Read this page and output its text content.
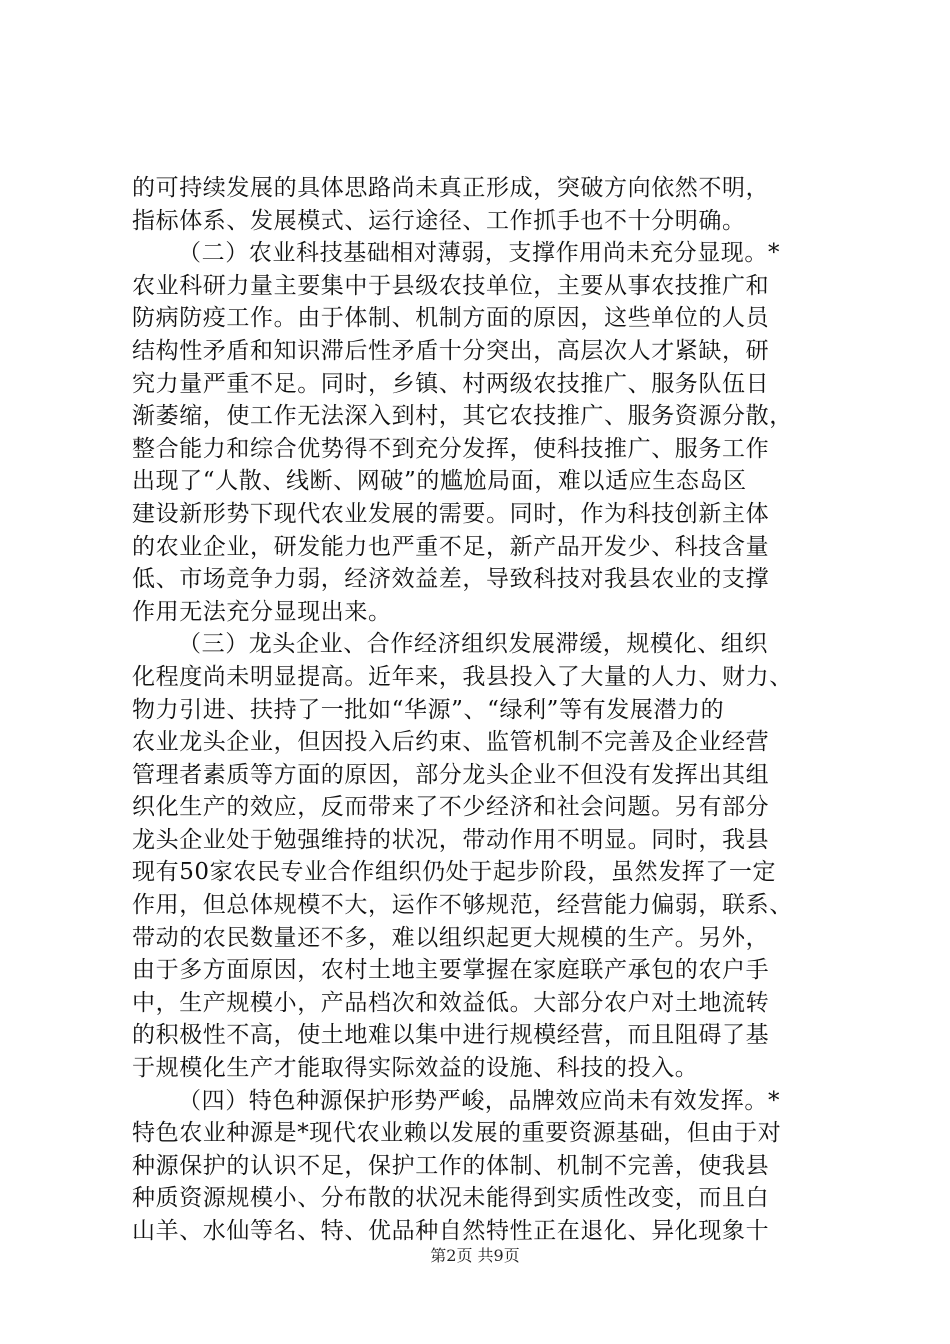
的可持续发展的具体思路尚未真正形成，突破方向依然不明，
指标体系、发展模式、运行途径、工作抓手也不十分明确。
（二）农业科技基础相对薄弱，支撑作用尚未充分显现。*
农业科研力量主要集中于县级农技单位，主要从事农技推广和
防病防疫工作。由于体制、机制方面的原因，这些单位的人员
结构性矛盾和知识滞后性矛盾十分突出，高层次人才紧缺，研
究力量严重不足。同时，乡镇、村两级农技推广、服务队伍日
渐萎缩，使工作无法深入到村，其它农技推广、服务资源分散，
整合能力和综合优势得不到充分发挥，使科技推广、服务工作
出现了“人散、线断、网破”的尴尬局面，难以适应生态岛区
建设新形势下现代农业发展的需要。同时，作为科技创新主体
的农业企业，研发能力也严重不足，新产品开发少、科技含量
低、市场竞争力弱，经济效益差，导致科技对我县农业的支撑
作用无法充分显现出来。
（三）龙头企业、合作经济组织发展滞缓，规模化、组织
化程度尚未明显提高。近年来，我县投入了大量的人力、财力、
物力引进、扶持了一批如“华源”、“绿利”等有发展潜力的
农业龙头企业，但因投入后约束、监管机制不完善及企业经营
管理者素质等方面的原因，部分龙头企业不但没有发挥出其组
织化生产的效应，反而带来了不少经济和社会问题。另有部分
龙头企业处于勉强维持的状况，带动作用不明显。同时，我县
现有50家农民专业合作组织仍处于起步阶段，虽然发挥了一定
作用，但总体规模不大，运作不够规范，经营能力偏弱，联系、
带动的农民数量还不多，难以组织起更大规模的生产。另外，
由于多方面原因，农村土地主要掌握在家庭联产承包的农户手
中，生产规模小，产品档次和效益低。大部分农户对土地流转
的积极性不高，使土地难以集中进行规模经营，而且阻碍了基
于规模化生产才能取得实际效益的设施、科技的投入。
（四）特色种源保护形势严峻，品牌效应尚未有效发挥。*
特色农业种源是*现代农业赖以发展的重要资源基础，但由于对
种源保护的认识不足，保护工作的体制、机制不完善，使我县
种质资源规模小、分布散的状况未能得到实质性改变，而且白
山羊、水仙等名、特、优品种自然特性正在退化、异化现象十
第2页 共9页
